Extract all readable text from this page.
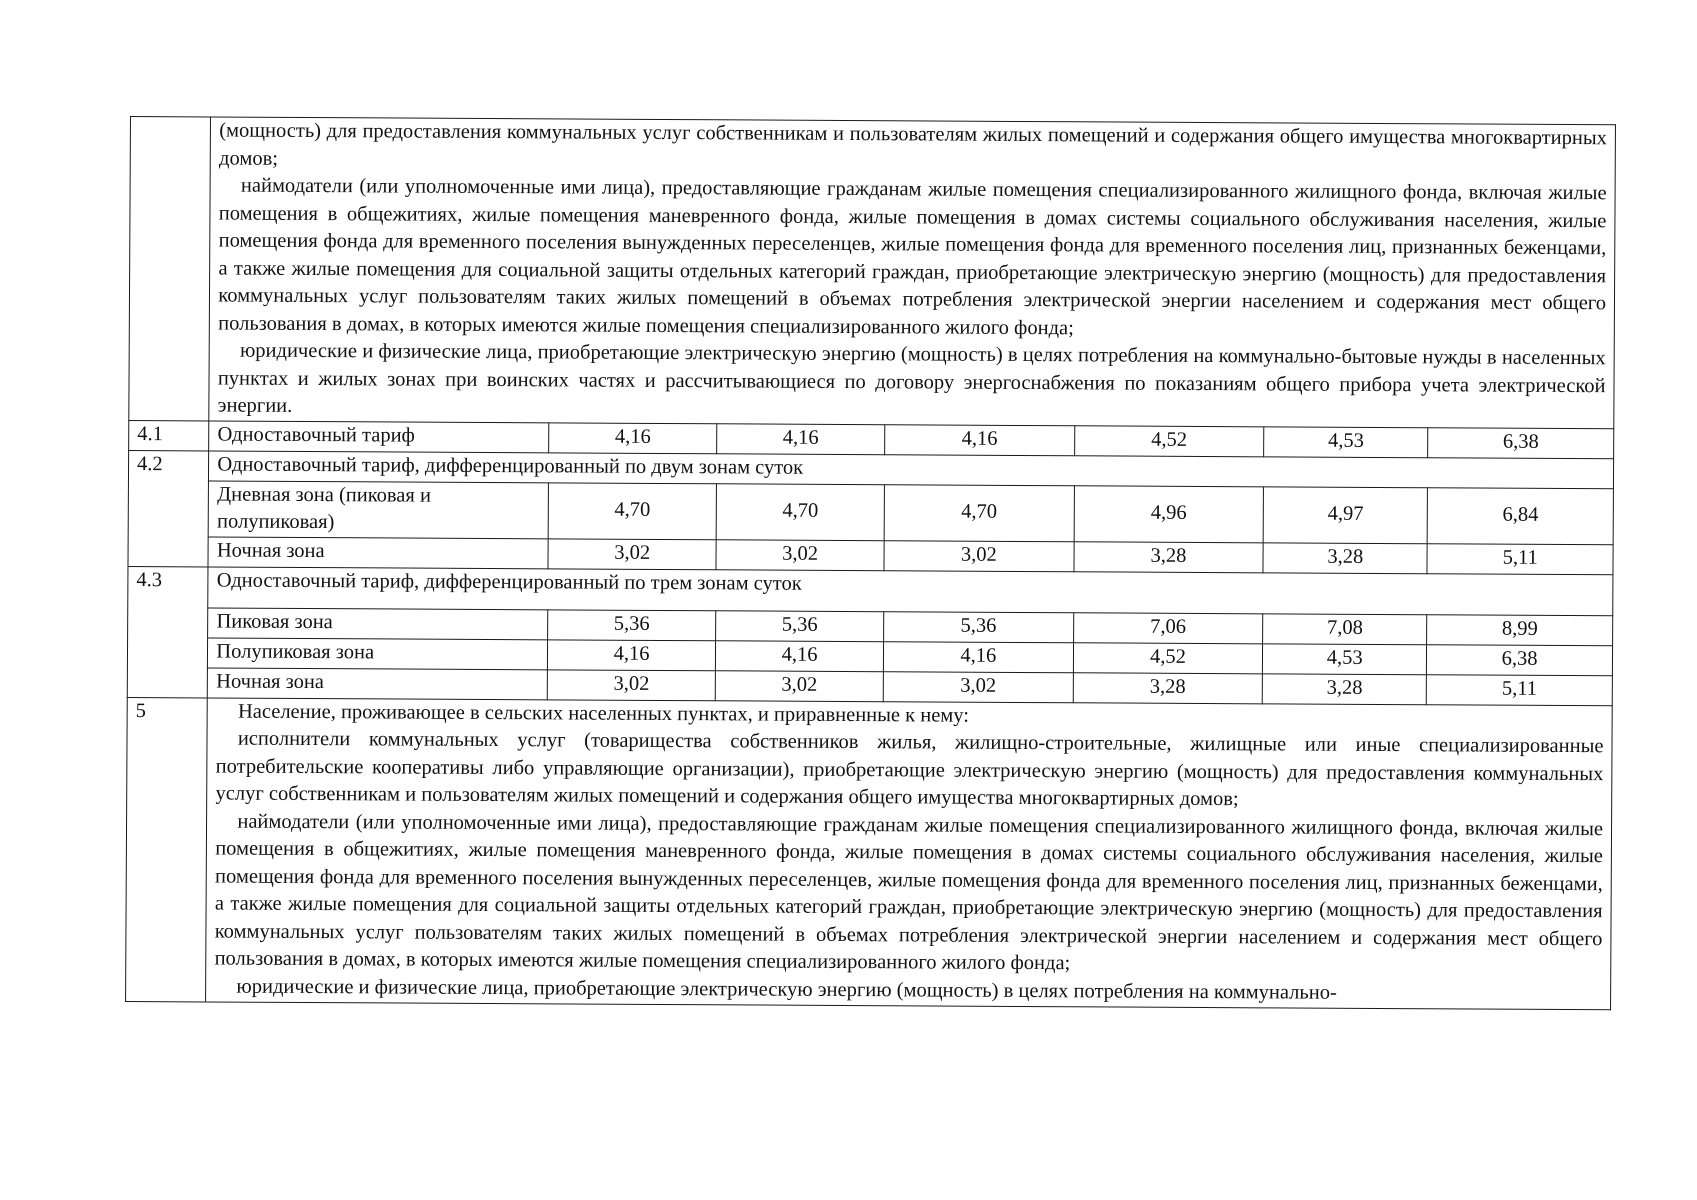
	(мощность) для предоставления коммунальных услуг собственникам и пользователям жилых помещений и содержания общего имущества многоквартирных домов;

наймодатели (или уполномоченные ими лица), предоставляющие гражданам жилые помещения специализированного жилищного фонда, включая жилые помещения в общежитиях, жилые помещения маневренного фонда, жилые помещения в домах системы социального обслуживания населения, жилые помещения фонда для временного поселения вынужденных переселенцев, жилые помещения фонда для временного поселения лиц, признанных беженцами, а также жилые помещения для социальной защиты отдельных категорий граждан, приобретающие электрическую энергию (мощность) для предоставления коммунальных услуг пользователям таких жилых помещений в объемах потребления электрической энергии населением и содержания мест общего пользования в домах, в которых имеются жилые помещения специализированного жилого фонда;

юридические и физические лица, приобретающие электрическую энергию (мощность) в целях потребления на коммунально-бытовые нужды в населенных пунктах и жилых зонах при воинских частях и рассчитывающиеся по договору энергоснабжения по показаниям общего прибора учета электрической энергии.						

4.1	Одноставочный тариф	4,16	4,16	4,16	4,52	4,53	6,38
4.2	Одноставочный тариф, дифференцированный по двум зонам суток						
	Дневная зона (пиковая и полупиковая)	4,70	4,70	4,70	4,96	4,97	6,84
	Ночная зона	3,02	3,02	3,02	3,28	3,28	5,11
4.3	Одноставочный тариф, дифференцированный по трем зонам суток						
	Пиковая зона	5,36	5,36	5,36	7,06	7,08	8,99
	Полупиковая зона	4,16	4,16	4,16	4,52	4,53	6,38
	Ночная зона	3,02	3,02	3,02	3,28	3,28	5,11
5	Население, проживающее в сельских населенных пунктах, и приравненные к нему:

исполнители коммунальных услуг (товарищества собственников жилья, жилищно-строительные, жилищные или иные специализированные потребительские кооперативы либо управляющие организации), приобретающие электрическую энергию (мощность) для предоставления коммунальных услуг собственникам и пользователям жилых помещений и содержания общего имущества многоквартирных домов;

наймодатели (или уполномоченные ими лица), предоставляющие гражданам жилые помещения специализированного жилищного фонда, включая жилые помещения в общежитиях, жилые помещения маневренного фонда, жилые помещения в домах системы социального обслуживания населения, жилые помещения фонда для временного поселения вынужденных переселенцев, жилые помещения фонда для временного поселения лиц, признанных беженцами, а также жилые помещения для социальной защиты отдельных категорий граждан, приобретающие электрическую энергию (мощность) для предоставления коммунальных услуг пользователям таких жилых помещений в объемах потребления электрической энергии населением и содержания мест общего пользования в домах, в которых имеются жилые помещения специализированного жилого фонда;

юридические и физические лица, приобретающие электрическую энергию (мощность) в целях потребления на коммунально-						
